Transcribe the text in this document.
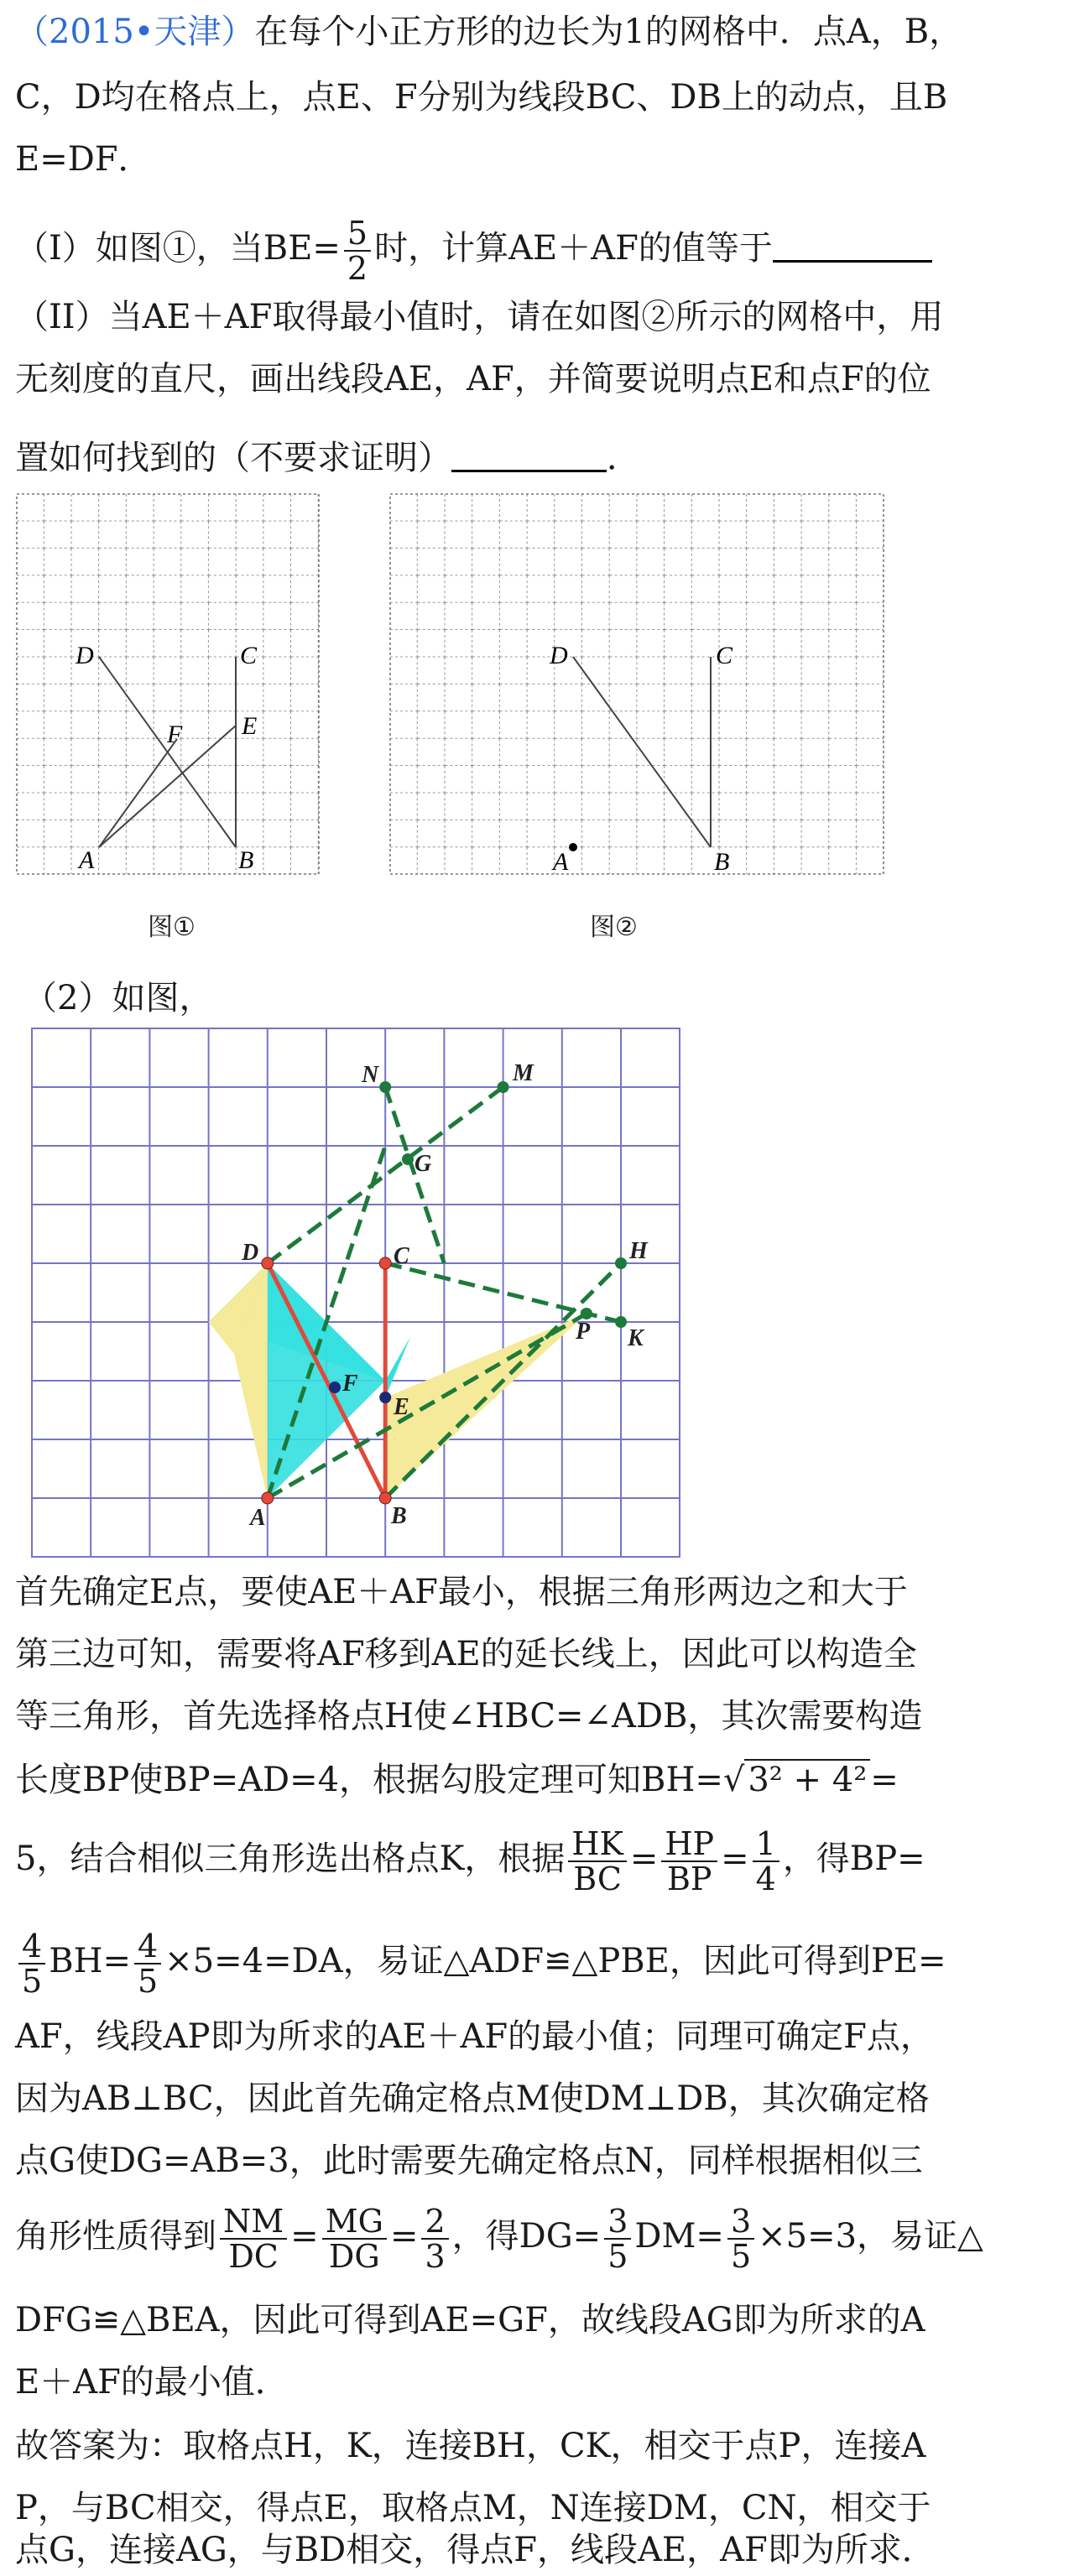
（2015•天津）在每个小正方形的边长为1的网格中．点A，B，
C，D均在格点上，点E、F分别为线段BC、DB上的动点，且B
E=DF．
（I）如图①，当$BE= \frac{5}{2}$ 时，计算AE＋AF的值等于
（II）当AE＋AF取得最小值时，请在如图②所示的网格中，用
无刻度的直尺，画出线段AE，AF，并简要说明点E和点F的位
置如何找到的（不要求证明）	．
D	C
E
F
A	B
图①
D	C
A	B
图②
（2）如图，
N	M
G
D	C	H
F
P K
E
A	B
首先确定E点，要使AE＋AF最小，根据三角形两边之和大于
第三边可知，需要将AF移到AE的延长线上，因此可以构造全
等三角形，首先选择格点H使∠HBC=∠ADB，其次需要构造
长度BP使BP=AD=4，根据勾股定理可知BH=√ 3² + 4² =
5，结合相似三角形选出格点K，根据 $\frac{HK}{BC} = \frac{HP}{BP} = \frac{1}{4}$ ，得BP=
$\frac{4}{5} BH= \frac{4}{5} \times 5=4=DA$，易证△ADF≌△PBE，因此可得到PE=
AF，线段AP即为所求的AE＋AF的最小值；同理可确定F点，
因为AB⊥BC，因此首先确定格点M使DM⊥DB，其次确定格
点G使DG=AB=3，此时需要先确定格点N，同样根据相似三
角形性质得到 $\frac{NM}{DC} = \frac{MG}{DG} = \frac{2}{3}$ ，得$DG= \frac{3}{5} DM= \frac{3}{5} \times 5=3$，易证△
DFG≌△BEA，因此可得到AE=GF，故线段AG即为所求的A
E＋AF的最小值．
故答案为：取格点H，K，连接BH，CK，相交于点P，连接A
P，与BC相交，得点E，取格点M，N连接DM，CN，相交于
点G，连接AG，与BD相交，得点F，线段AE，AF即为所求．
